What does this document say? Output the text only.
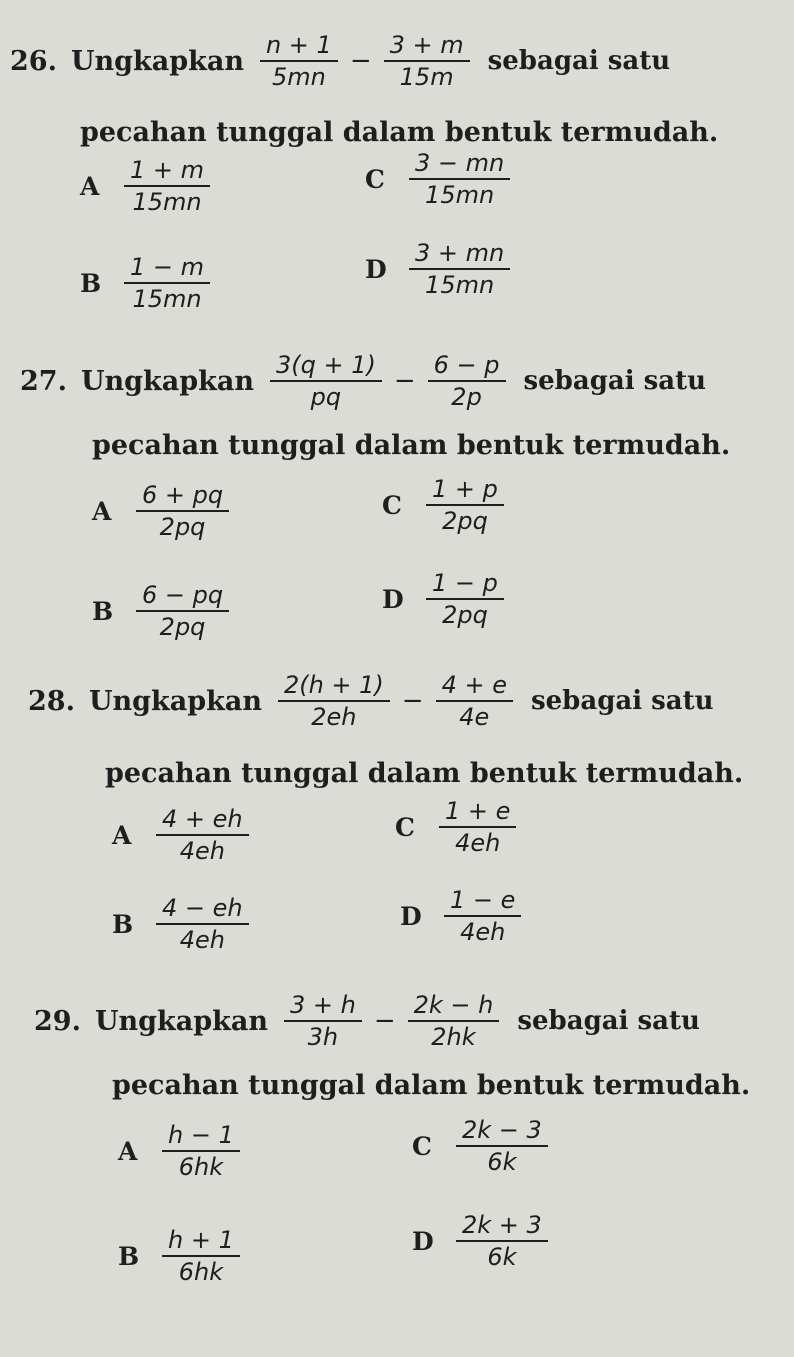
26. Ungkapkan $\frac{n + 1}{5mn} - \frac{3 + m}{15m}$ sebagai satu
pecahan tunggal dalam bentuk termudah.
A	$\frac{1 + m}{15mn}$
B $\frac{1 - m}{15mn}$
C	$\frac{3 - mn}{15mn}$
D $\frac{3 + mn}{15mn}$
27. Ungkapkan $\frac{3(q + 1)}{pq} - \frac{6 - p}{2p}$ sebagai satu
pecahan tunggal dalam bentuk termudah.
A	$\frac{6 + pq}{2pq}$
B $\frac{6 - pq}{2pq}$
C	$\frac{1 + p}{2pq}$
D $\frac{1 - p}{2pq}$
28. Ungkapkan $\frac{2(h + 1)}{2eh} - \frac{4 + e}{4e}$ sebagai satu
pecahan tunggal dalam bentuk termudah.
A	$\frac{4 + eh}{4eh}$
B $\frac{4 - eh}{4eh}$
C	$\frac{1 + e}{4eh}$
D $\frac{1 - e}{4eh}$
29. Ungkapkan $\frac{3 + h}{3h} - \frac{2k - h}{2hk}$ sebagai satu
pecahan tunggal dalam bentuk termudah.
A	$\frac{h - 1}{6hk}$
B $\frac{h + 1}{6hk}$
C	$\frac{2k - 3}{6k}$
D $\frac{2k + 3}{6k}$
